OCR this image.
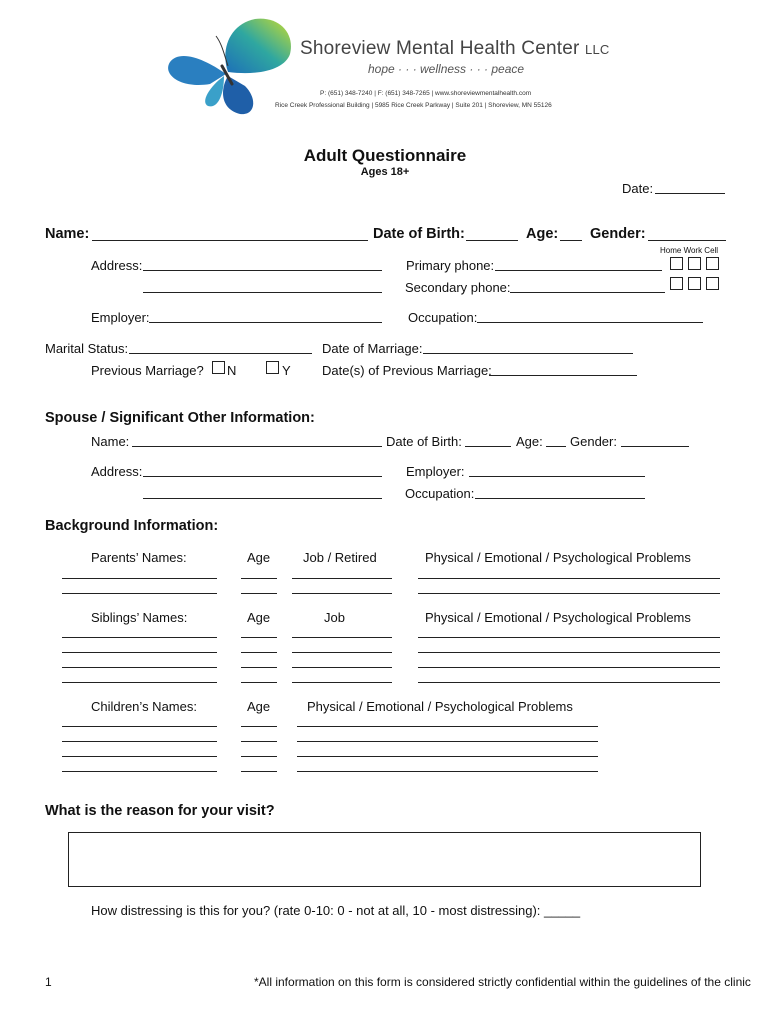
Shoreview Mental Health Center LLC
hope · · · wellness · · · peace
P: (651) 348-7240 | F: (651) 348-7265 | www.shoreviewmentalhealth.com
Rice Creek Professional Building | 5985 Rice Creek Parkway | Suite 201 | Shoreview, MN 55126
Adult Questionnaire
Ages 18+
Date:
Name:	Date of Birth:	Age: Gender:
Home Work Cell
Address:	Primary phone:
Secondary phone:
Employer:	Occupation:
Marital Status:	Date of Marriage:
Previous Marriage? N	Y Date(s) of Previous Marriage:
Spouse / Significant Other Information:
Name:	Date of Birth:	Age: Gender:
Address:	Employer:
Occupation:
Background Information:
Parents’ Names:	Age	Job / Retired	Physical / Emotional / Psychological Problems
Siblings’ Names:	Age	Job	Physical / Emotional / Psychological Problems
Children’s Names:	Age	Physical / Emotional / Psychological Problems
What is the reason for your visit?
How distressing is this for you? (rate 0-10: 0 - not at all, 10 - most distressing): _____
1	*All information on this form is considered strictly confidential within the guidelines of the clinic
